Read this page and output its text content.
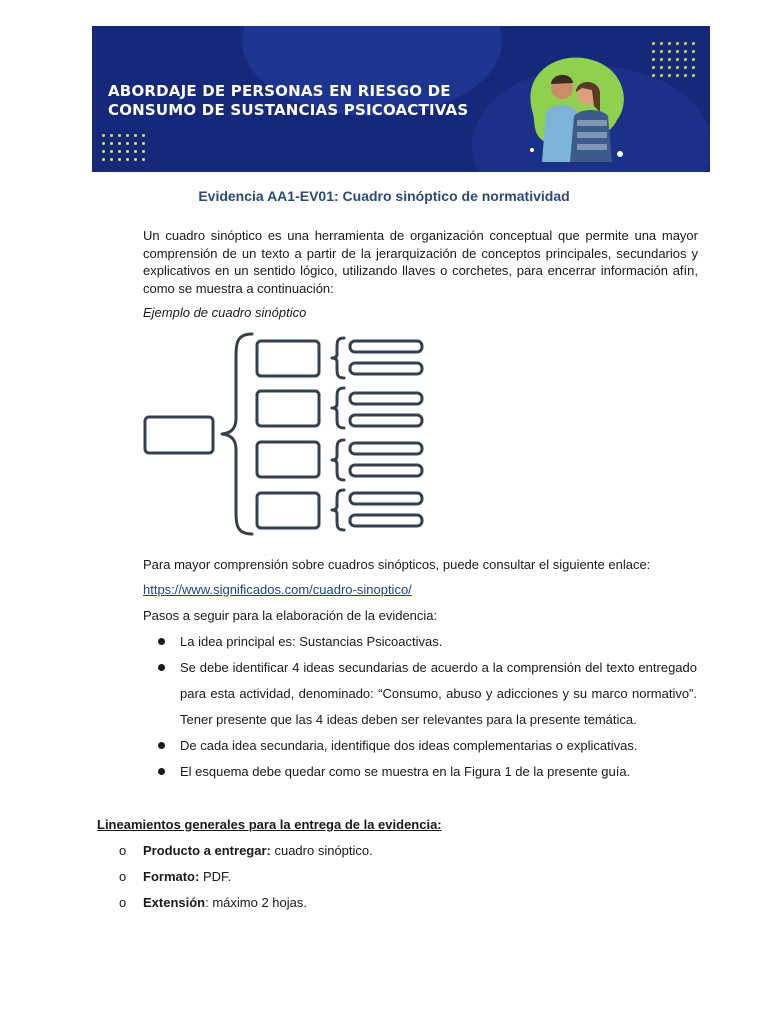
ABORDAJE DE PERSONAS EN RIESGO DE
CONSUMO DE SUSTANCIAS PSICOACTIVAS
Evidencia AA1-EV01: Cuadro sinóptico de normatividad
Un cuadro sinóptico es una herramienta de organización conceptual que permite una mayor comprensión de un texto a partir de la jerarquización de conceptos principales, secundarios y explicativos en un sentido lógico, utilizando llaves o corchetes, para encerrar información afín, como se muestra a continuación:
Ejemplo de cuadro sinóptico
Para mayor comprensión sobre cuadros sinópticos, puede consultar el siguiente enlace:
https://www.significados.com/cuadro-sinoptico/
Pasos a seguir para la elaboración de la evidencia:
La idea principal es: Sustancias Psicoactivas.
Se debe identificar 4 ideas secundarias de acuerdo a la comprensión del texto entregado para esta actividad, denominado: “Consumo, abuso y adicciones y su marco normativo”. Tener presente que las 4 ideas deben ser relevantes para la presente temática.
De cada idea secundaria, identifique dos ideas complementarias o explicativas.
El esquema debe quedar como se muestra en la Figura 1 de la presente guía.
Lineamientos generales para la entrega de la evidencia:
o Producto a entregar: cuadro sinóptico.
o Formato: PDF.
o Extensión: máximo 2 hojas.
